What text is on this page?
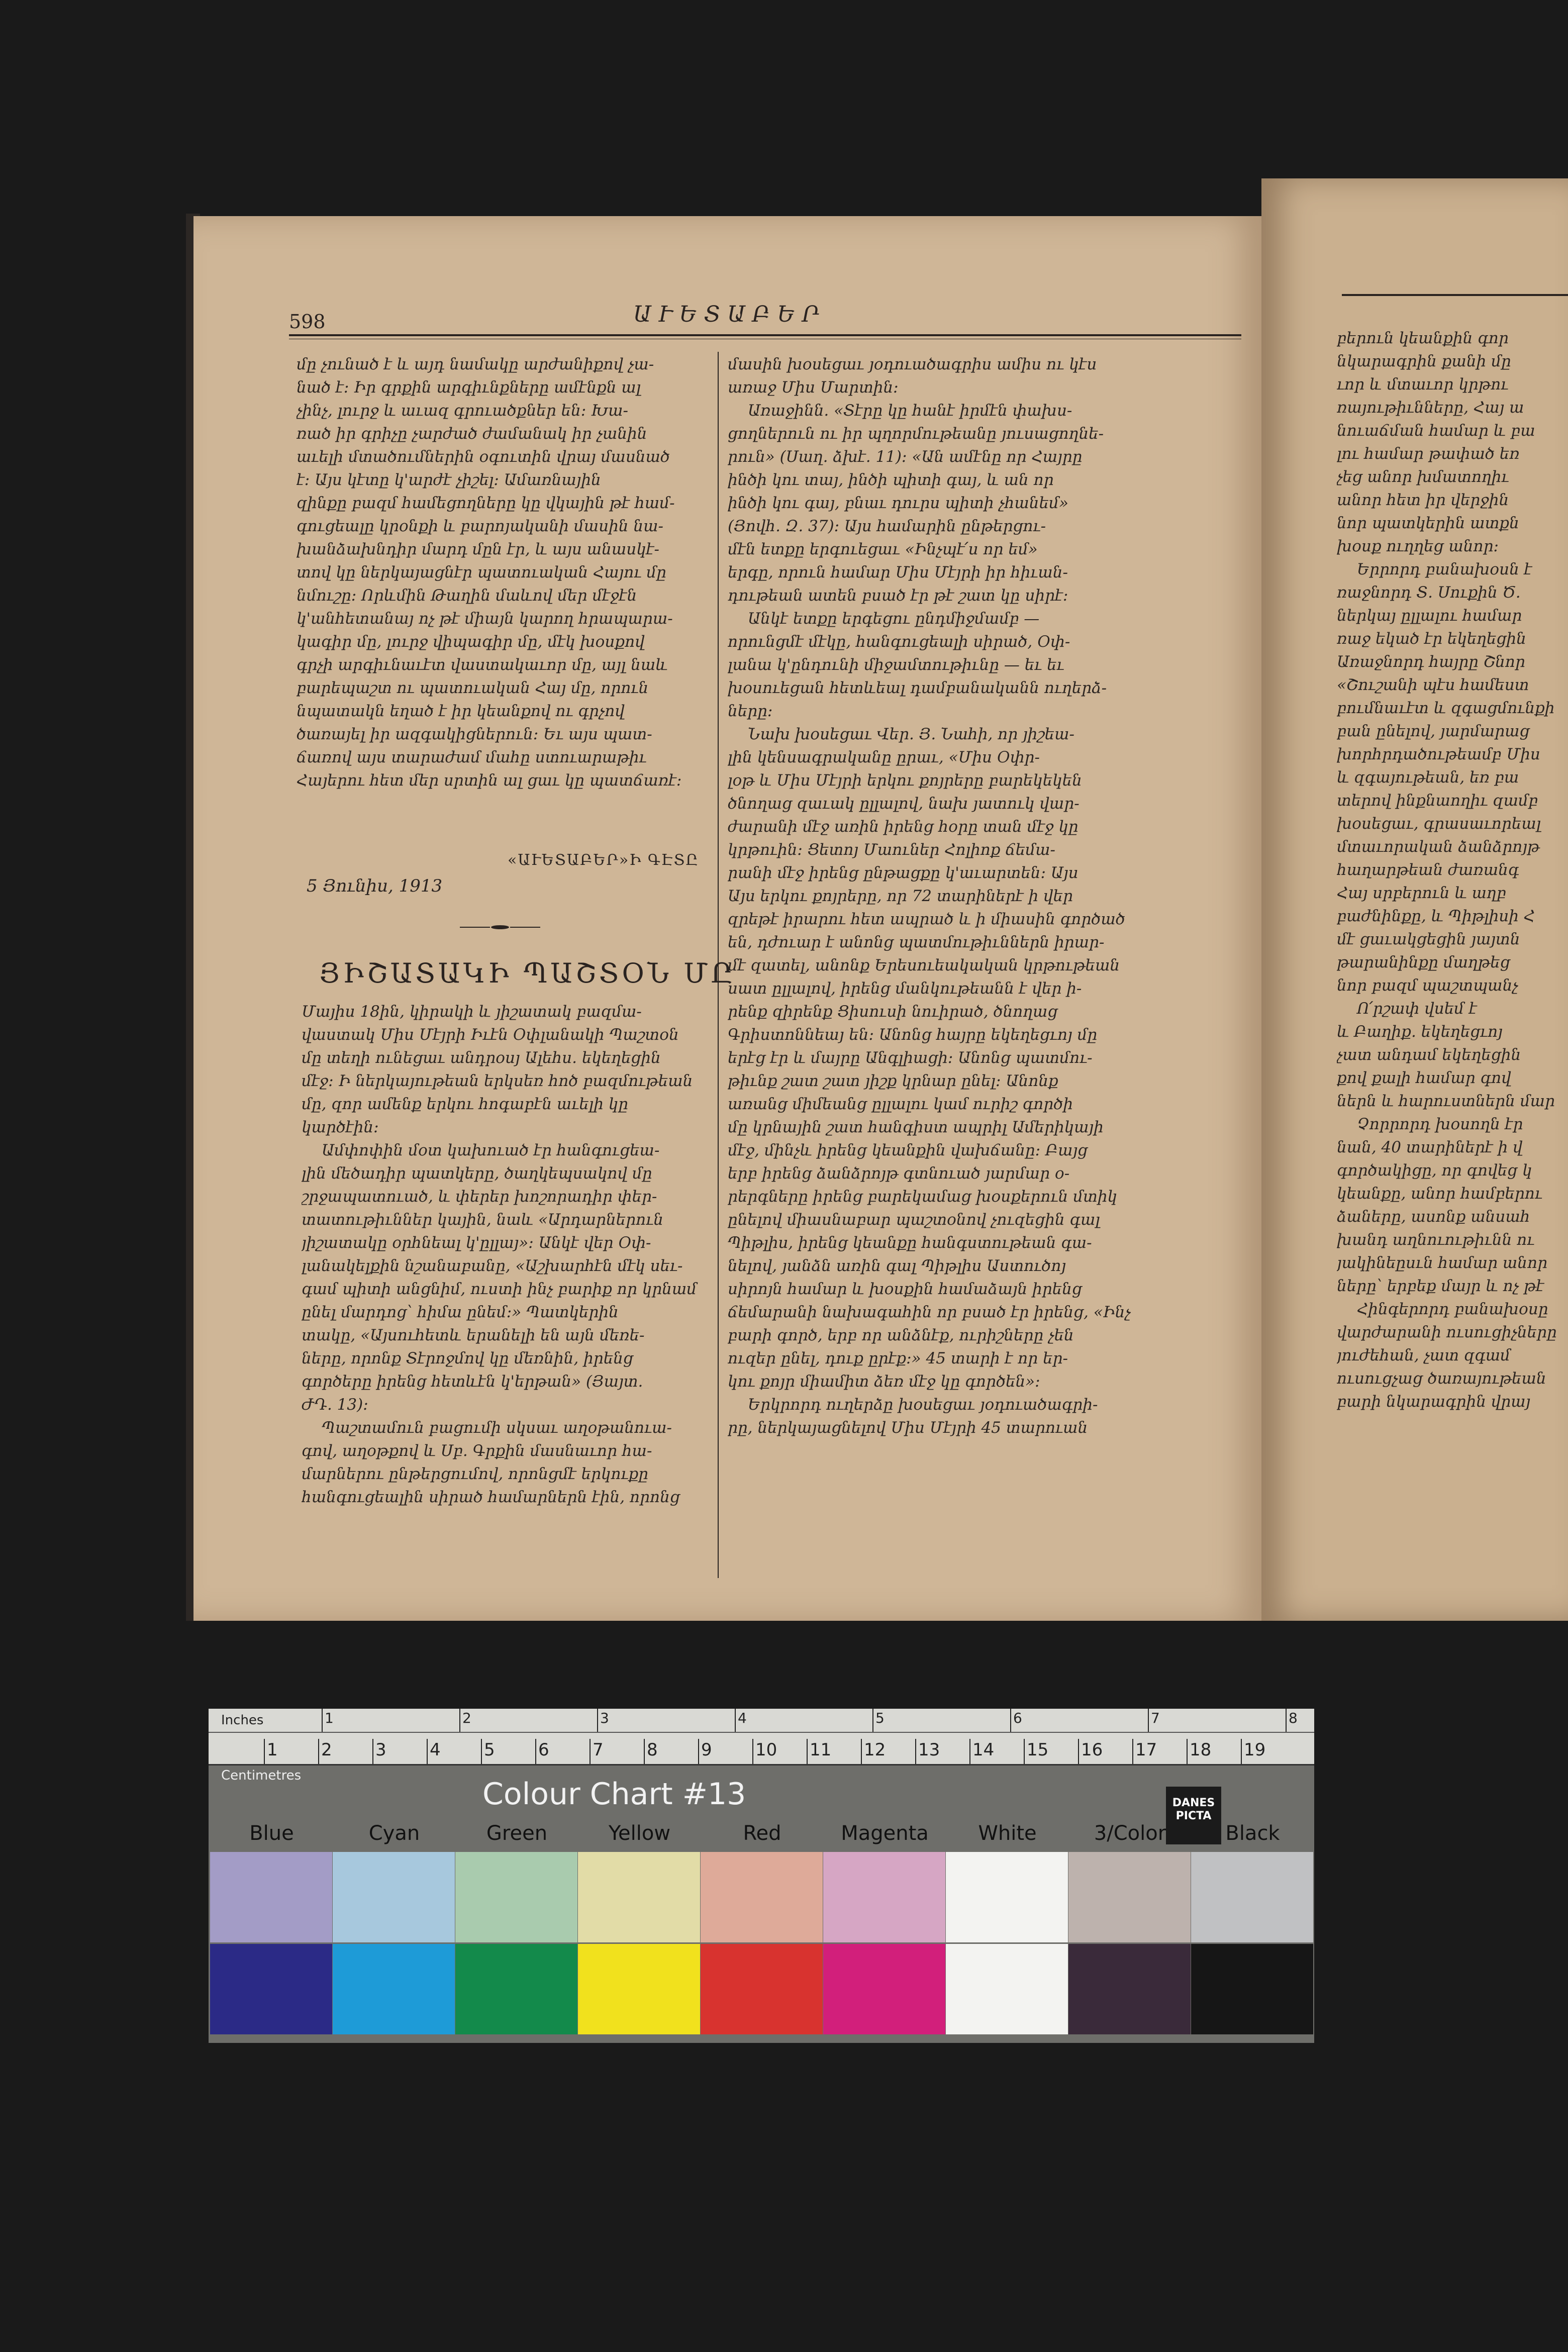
598	ԱՒԵՏԱԲԵՐ
մը չունած է և այդ նամակը արժանիքով չա-
նած է։ Իր գրքին արգիւնքները ամէնքն ալ
չինչ, լուրջ և աւազ գրուածքներ են։ Խա-
ռած իր գրիչը չարժած ժամանակ իր չանին
աւելի մտածումներին օգուտին վրայ մասնած
է։ Այս կէտը կ'արժէ չիշել։ Ամառնային
զինքը բազմ համեցողները կը վկային թէ համ-
գուցեալը կրօնքի և բարոյականի մասին նա-
խանձախնդիր մարդ մըն էր, և այս անասկէ-
տով կը ներկայացնէր պատուական Հայու մը
նմուշը։ Որևմին Թաղին մաևով մեր մէջէն
կ'անհետանայ ոչ թէ միայն կարող հրապարա-
կագիր մը, լուրջ վիպագիր մը, մէկ խօսքով
գրչի արգիւնաւէտ վաստակաւոր մը, այլ նաև
բարեպաշտ ու պատուական Հայ մը, որուն
նպատակն եղած է իր կեանքով ու գրչով
ծառայել իր ազգակիցներուն։ Եւ այս պատ-
ճառով այս տարաժամ մահը ստուարաթիւ
Հայերու հետ մեր սրտին ալ ցաւ կը պատճառէ։
«ԱՒԵՏԱԲԵՐ»Ի ԳԷՏԸ
5 Յունիս, 1913
ՅԻՇԱՏԱԿԻ ՊԱՇՏՕՆ ՄԸ
Մայիս 18ին, կիրակի և յիշատակ բազմա-
վաստակ Միս Մէյրի Իւէն Օփլանակի Պաշտօն
մը տեղի ունեցաւ անդրօսյ Ալեհս. եկեղեցին
մէջ։ Ի ներկայութեան երկսեռ հոծ բազմութեան
մը, զոր ամենք երկու հոգաբէն աւելի կը
կարծէին։
Ամփոփին մօտ կախուած էր հանգուցեա-
լին մեծադիր պատկերը, ծաղկեպսակով մը
շրջապատուած, և փերեր խոշորադիր փեր-
տատութիւններ կային, նաև «Արդարներուն
յիշատակը օրհնեալ կ'ըլլայ»։ Անկէ վեր Օփ-
լանակելքին նշանաբանը, «Աշխարհէն մէկ սեւ-
գամ պիտի անցնիմ, ուստի ինչ բարիք որ կրնամ
ընել մարդոց՝ հիմա ընեմ։» Պատկերին
տակը, «Այսուհետև երանելի են այն մեռե-
ները, որոնք Տէրոջմով կը մեռնին, իրենց
գործերը իրենց հետևէն կ'երթան» (Յայտ.
ԺԴ. 13)։
Պաշտամուն բացումի սկսաւ աղօթանուա-
գով, աղօթքով և Սբ. Գրքին մասնաւոր հա-
մարներու ընթերցումով, որոնցմէ երկուքը
հանգուցեալին սիրած համարներն էին, որոնց
մասին խօսեցաւ յօդուածագրիս ամիս ու կէս
առաջ Միս Մարտին։
Առաջինն. «Տէրը կը հանէ իրմէն փախս-
ցողներուն ու իր պղորմութեանը յուսացողնե-
րուն» (Սաղ. ձխէ. 11)։ «Ան ամէնը որ Հայրը
ինծի կու տայ, ինծի պիտի գայ, և ան որ
ինծի կու գայ, բնաւ դուրս պիտի չհանեմ»
(Յովհ. Զ. 37)։ Այս համարին ընթերցու-
մէն ետքը երգուեցաւ «Ինչպէ՛ս որ եմ»
երգը, որուն համար Միս Մէյրի իր հիւան-
դութեան ատեն բսած էր թէ շատ կը սիրէ։
Անկէ ետքը երգեցու ընդմիջմամբ —
որունցմէ մէկը, հանգուցեալի սիրած, Օփ-
լանա կ'ընդունի միջամտութիւնը — եւ եւ
խօսուեցան հետևեալ դամբանականն ուղերձ-
ները։
Նախ խօսեցաւ Վեր. Յ. Նահի, որ յիշեա-
լին կենսագրականը ըրաւ, «Միս Օփր-
լօթ և Միս Մէյրի երկու քոյրերը բարեկեկեն
ծնողաց զաւակ ըլլալով, նախ յատուկ վար-
ժարանի մէջ առին իրենց հօրը տան մէջ կը
կրթուին։ Ցետոյ Մաուներ Հոլիոք ճեմա-
րանի մէջ իրենց ընթացքը կ'աւարտեն։ Այս
Այս երկու քոյրերը, որ 72 տարիներէ ի վեր
զրեթէ իրարու հետ ապրած և ի միասին գործած
են, դժուար է անոնց պատմութիւններն իրար-
մէ զատել, անոնք Երեսուեակական կրթութեան
սատ ըլլալով, իրենց մանկութեանն է վեր ի-
րենք զիրենք Ցիսուսի նուիրած, ծնողաց
Գրիստոննեայ են։ Անոնց հայրը եկեղեցւոյ մը
երէց էր և մայրը Անգլիացի։ Անոնց պատմու-
թիւնք շատ շատ յիշք կրնար ընել։ Անոնք
առանց միմեանց ըլլալու կամ ուրիշ գործի
մը կրնային շատ հանգիստ ապրիլ Ամերիկայի
մէջ, մինչև իրենց կեանքին վախճանը։ Բայց
երբ իրենց ձանձրոյթ գտնուած յարմար օ-
րերգները իրենց բարեկամաց խօսքերուն մտիկ
ընելով միասնաբար պաշտօնով չուզեցին գալ
Պիթլիս, իրենց կեանքը հանգստութեան գա-
նելով, յանձն առին գալ Պիթլիս Աստուծոյ
սիրոյն համար և խօսքին համաձայն իրենց
ճեմարանի նախագահին որ բսած էր իրենց, «Ինչ
բարի գործ, երբ որ անձնէք, ուրիշները չեն
ուզեր ընել, դուք ըրէք։» 45 տարի է որ եր-
կու քոյր միամիտ ձեռ մէջ կը գործեն»։
Երկրորդ ուղերձը խօսեցաւ յօդուածագրի-
րը, ներկայացնելով Միս Մէյրի 45 տարուան
բերուն կեանքին գոր
նկարագրին քանի մը
ւոր և մտաւոր կրթու
ռայութիւնները, Հայ ա
նուաճման համար և բա
լու համար թափած եռ
չեց անոր խմատողիւ
անոր հետ իր վերջին
նոր պատկերին ատքն
խօսք ուղղեց անոր։
Երրորդ բանախօսն է
ռաջնորդ Տ. Սուքին Ծ.
ներկայ ըլլալու համար
ռաջ եկած էր եկեղեցին
Առաջնորդ հայրը Շնոր
«Շուշանի պէս համեստ
բումնաւէտ և զգացմունքի
բան ընելով, յարմարաց
խորհրդածութեամբ Միս
և զգայութեան, եռ բա
տերով ինքնաողիւ զամբ
խօսեցաւ, գրասաւորեալ
մտաւորական ձանձրոյթ
հաղարթեան ժառանգ
Հայ սրբերուն և աղբ
բաժնինքը, և Պիթլիսի Հ
մէ ցաւակցեցին յայտն
թարանինքը մաղթեց
նոր բազմ պաշտպանչ
Ո՛րշափ վսեմ է
և Բաղիք. եկեղեցւոյ
չատ անդամ եկեղեցին
քով քալի համար գով
ներն և հարուստներն մար
Չորրորդ խօսողն էր
նան, 40 տարիներէ ի վ
գործակիցը, որ գովեց կ
կեանքը, անոր համբերու
ձաները, ասոնք անսահ
խանդ աղնուութիւնն ու
յակինեըսւն համար անոր
ները՝ երբեք մայր և ոչ թէ
Հինգերորդ բանախօսը
վարժարանի ուսուցիչները
յուժեհան, չատ զգամ
ուսուցչաց ծառայութեան
բարի նկարագրին վրայ
Inches
Centimetres
1	2	3	4	5	6	7	8	9	10 11 12 13 14 15 16 17 18 19
1	2	3	4	5	6	7	8
Colour Chart #13	DANES PICTA
Blue	Cyan	Green	Yellow	Red	Magenta	White	3/Color	Black
